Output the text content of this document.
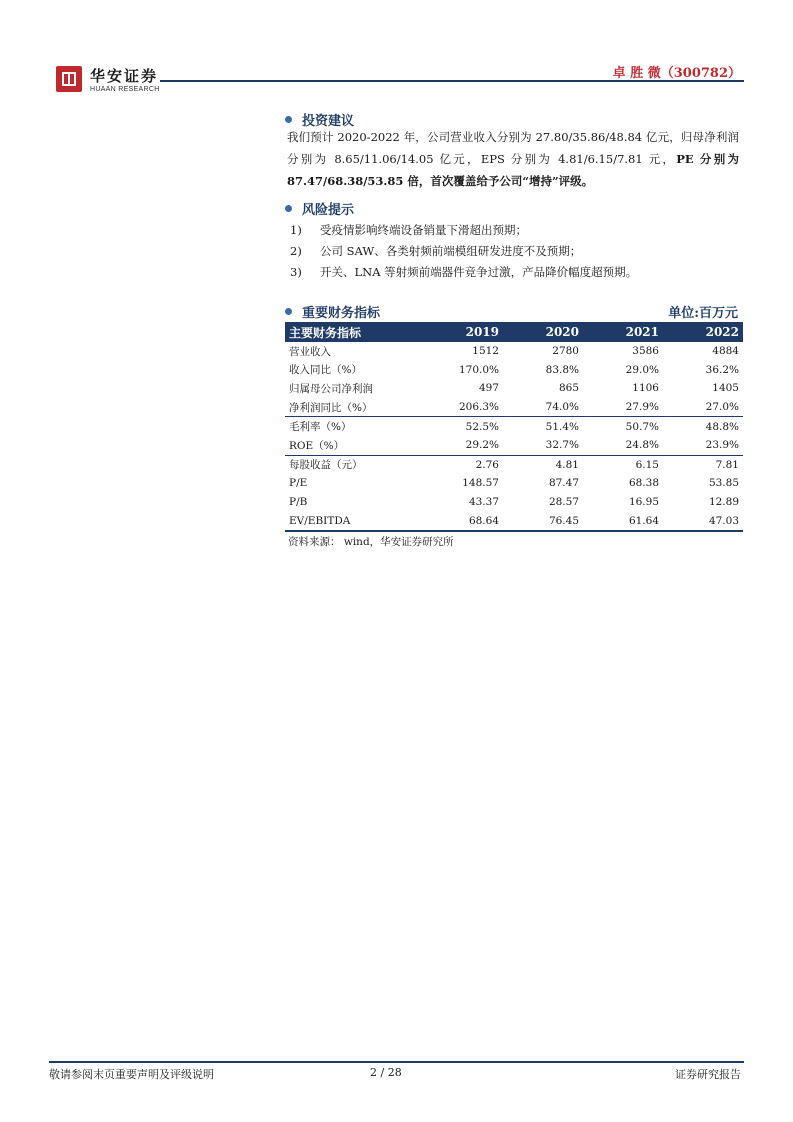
华安证券
HUAAN RESEARCH
卓 胜 微（300782）
投资建议
我们预计 2020-2022 年，公司营业收入分别为 27.80/35.86/48.84 亿元，归母净利润分别为 8.65/11.06/14.05 亿元，EPS 分别为 4.81/6.15/7.81 元，PE 分别为 87.47/68.38/53.85 倍，首次覆盖给予公司“增持”评级。
风险提示
1) 受疫情影响终端设备销量下滑超出预期；
2) 公司 SAW、各类射频前端模组研发进度不及预期；
3) 开关、LNA 等射频前端器件竞争过激，产品降价幅度超预期。
重要财务指标	单位:百万元
主要财务指标	2019	2020	2021	2022
营业收入	1512	2780	3586	4884
收入同比（%）	170.0%	83.8%	29.0%	36.2%
归属母公司净利润	497	865	1106	1405
净利润同比（%）	206.3%	74.0%	27.9%	27.0%
毛利率（%）	52.5%	51.4%	50.7%	48.8%
ROE（%）	29.2%	32.7%	24.8%	23.9%
每股收益（元）	2.76	4.81	6.15	7.81
P/E	148.57	87.47	68.38	53.85
P/B	43.37	28.57	16.95	12.89
EV/EBITDA	68.64	76.45	61.64	47.03
资料来源： wind，华安证券研究所
敬请参阅末页重要声明及评级说明	2 / 28	证券研究报告
